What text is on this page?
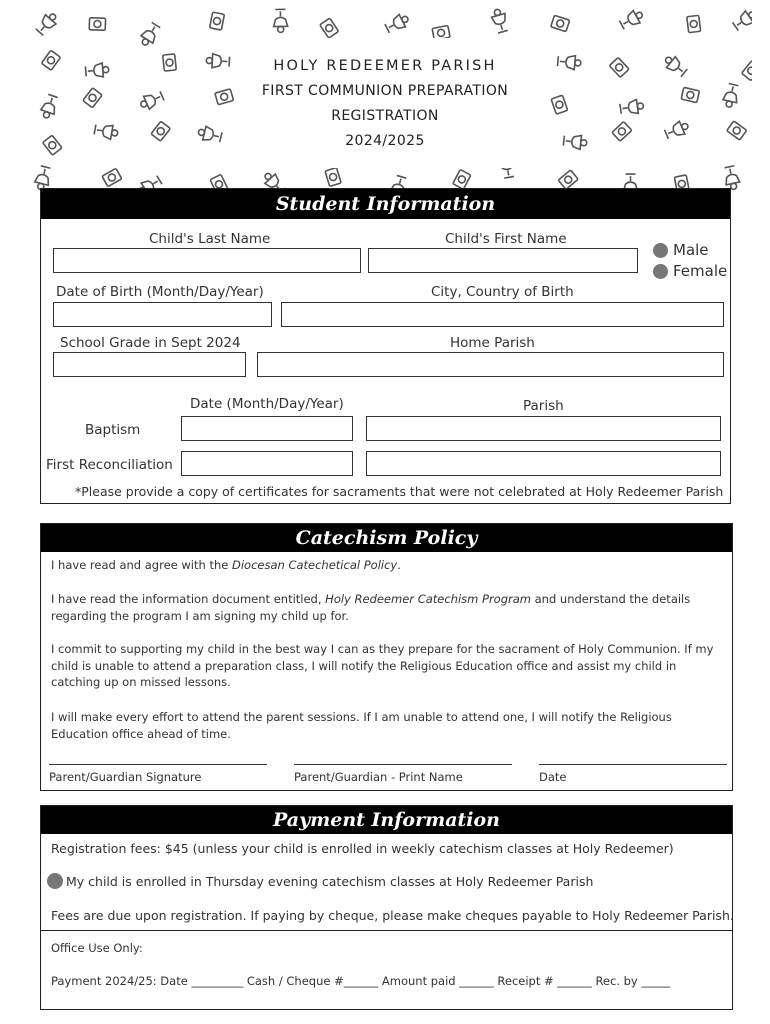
HOLY REDEEMER PARISH
FIRST COMMUNION PREPARATION
REGISTRATION
2024/2025
Student Information
Child's Last Name	Child's First Name
Male
Female
Date of Birth (Month/Day/Year)	City, Country of Birth
School Grade in Sept 2024	Home Parish
Date (Month/Day/Year)	Parish
Baptism
First Reconciliation
*Please provide a copy of certificates for sacraments that were not celebrated at Holy Redeemer Parish
Catechism Policy
I have read and agree with the Diocesan Catechetical Policy.
I have read the information document entitled, Holy Redeemer Catechism Program and understand the details regarding the program I am signing my child up for.
I commit to supporting my child in the best way I can as they prepare for the sacrament of Holy Communion. If my child is unable to attend a preparation class, I will notify the Religious Education office and assist my child in catching up on missed lessons.
I will make every effort to attend the parent sessions. If I am unable to attend one, I will notify the Religious Education office ahead of time.
Parent/Guardian Signature	Parent/Guardian - Print Name	Date
Payment Information
Registration fees: $45 (unless your child is enrolled in weekly catechism classes at Holy Redeemer)
My child is enrolled in Thursday evening catechism classes at Holy Redeemer Parish
Fees are due upon registration. If paying by cheque, please make cheques payable to Holy Redeemer Parish.
Office Use Only:
Payment 2024/25: Date _________ Cash / Cheque #______ Amount paid ______ Receipt # ______ Rec. by _____
